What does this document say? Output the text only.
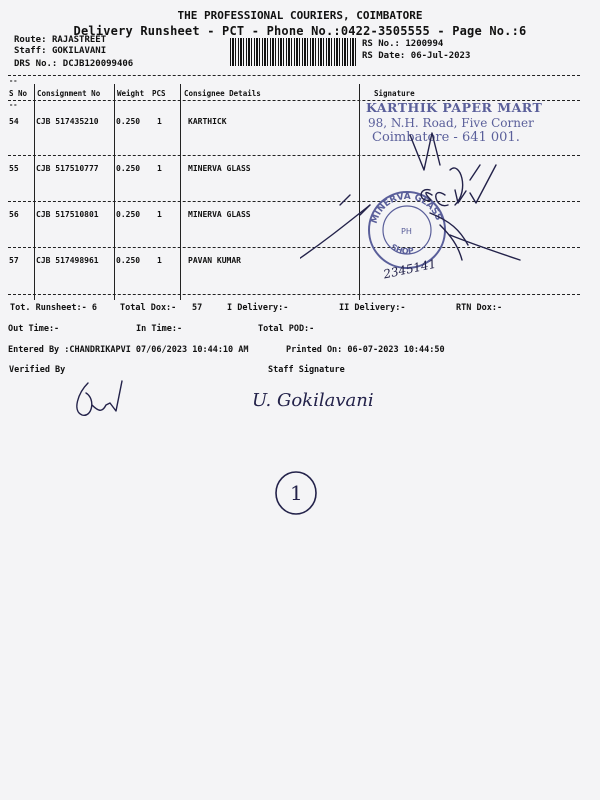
THE PROFESSIONAL COURIERS, COIMBATORE
Delivery Runsheet - PCT - Phone No.:0422-3505555 - Page No.:6
Route: RAJASTREET
Staff: GOKILAVANI
DRS No.: DCJB120099406
RS No.: 1200994
RS Date: 06-Jul-2023
--
S No Consignment No Weight PCS Consignee Details	Signature
--
54 CJB 517435210 0.250 1	KARTHICK
55 CJB 517510777 0.250 1	MINERVA GLASS
56 CJB 517510801 0.250 1	MINERVA GLASS
57 CJB 517498961 0.250 1	PAVAN KUMAR
KARTHIK PAPER MART
98, N.H. Road, Five Corner
Coimbatore - 641 001.
MINERVA GLASS
PH
SHOP
2345141
Tot. Runsheet:- 6	Total Dox:- 57	I Delivery:-	II Delivery:-	RTN Dox:-
Out Time:-	In Time:-	Total POD:-
Entered By :CHANDRIKAPVI 07/06/2023 10:44:10 AM	Printed On: 06-07-2023 10:44:50
Verified By	Staff Signature
U. Gokilavani
1
